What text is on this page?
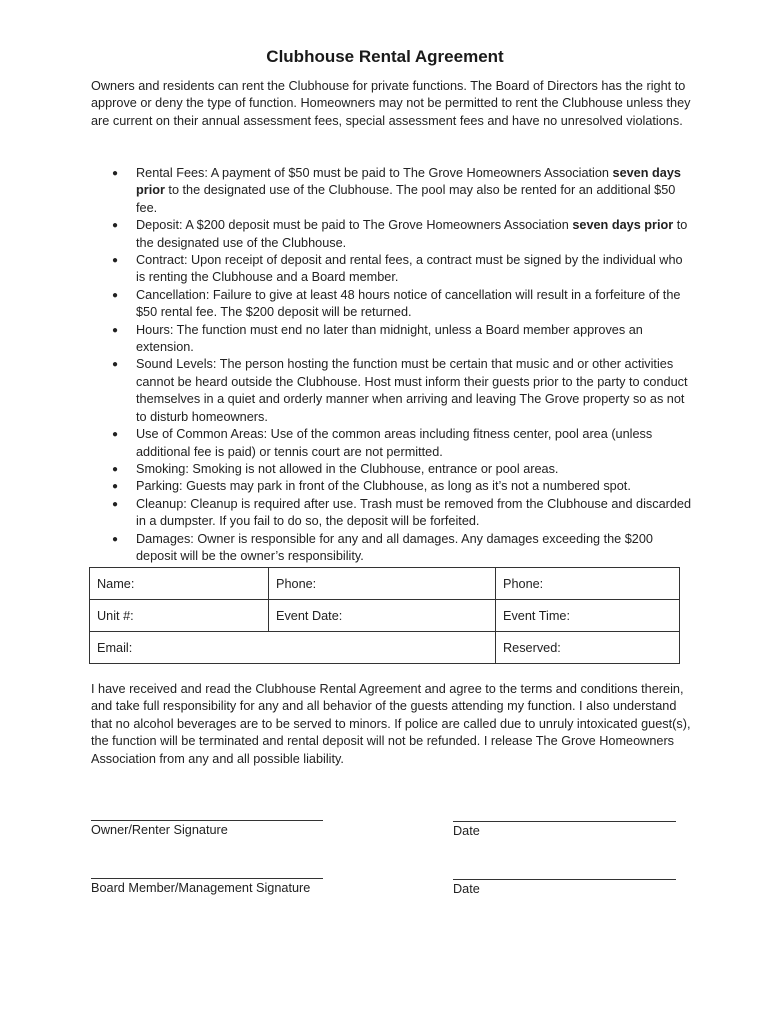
Clubhouse Rental Agreement
Owners and residents can rent the Clubhouse for private functions. The Board of Directors has the right to approve or deny the type of function. Homeowners may not be permitted to rent the Clubhouse unless they are current on their annual assessment fees, special assessment fees and have no unresolved violations.
● Rental Fees: A payment of $50 must be paid to The Grove Homeowners Association seven days prior to the designated use of the Clubhouse. The pool may also be rented for an additional $50 fee.
● Deposit: A $200 deposit must be paid to The Grove Homeowners Association seven days prior to the designated use of the Clubhouse.
● Contract: Upon receipt of deposit and rental fees, a contract must be signed by the individual who is renting the Clubhouse and a Board member.
● Cancellation: Failure to give at least 48 hours notice of cancellation will result in a forfeiture of the $50 rental fee. The $200 deposit will be returned.
● Hours: The function must end no later than midnight, unless a Board member approves an extension.
● Sound Levels: The person hosting the function must be certain that music and or other activities cannot be heard outside the Clubhouse. Host must inform their guests prior to the party to conduct themselves in a quiet and orderly manner when arriving and leaving The Grove property so as not to disturb homeowners.
● Use of Common Areas: Use of the common areas including fitness center, pool area (unless additional fee is paid) or tennis court are not permitted.
● Smoking: Smoking is not allowed in the Clubhouse, entrance or pool areas.
● Parking: Guests may park in front of the Clubhouse, as long as it’s not a numbered spot.
● Cleanup: Cleanup is required after use. Trash must be removed from the Clubhouse and discarded in a dumpster. If you fail to do so, the deposit will be forfeited.
● Damages: Owner is responsible for any and all damages. Any damages exceeding the $200 deposit will be the owner’s responsibility.
Name:	Phone:	Phone:
Unit #:	Event Date:	Event Time:
Email:		Reserved:
I have received and read the Clubhouse Rental Agreement and agree to the terms and conditions therein, and take full responsibility for any and all behavior of the guests attending my function. I also understand that no alcohol beverages are to be served to minors. If police are called due to unruly intoxicated guest(s), the function will be terminated and rental deposit will not be refunded. I release The Grove Homeowners Association from any and all possible liability.
Owner/Renter Signature	Date
Board Member/Management Signature	Date
